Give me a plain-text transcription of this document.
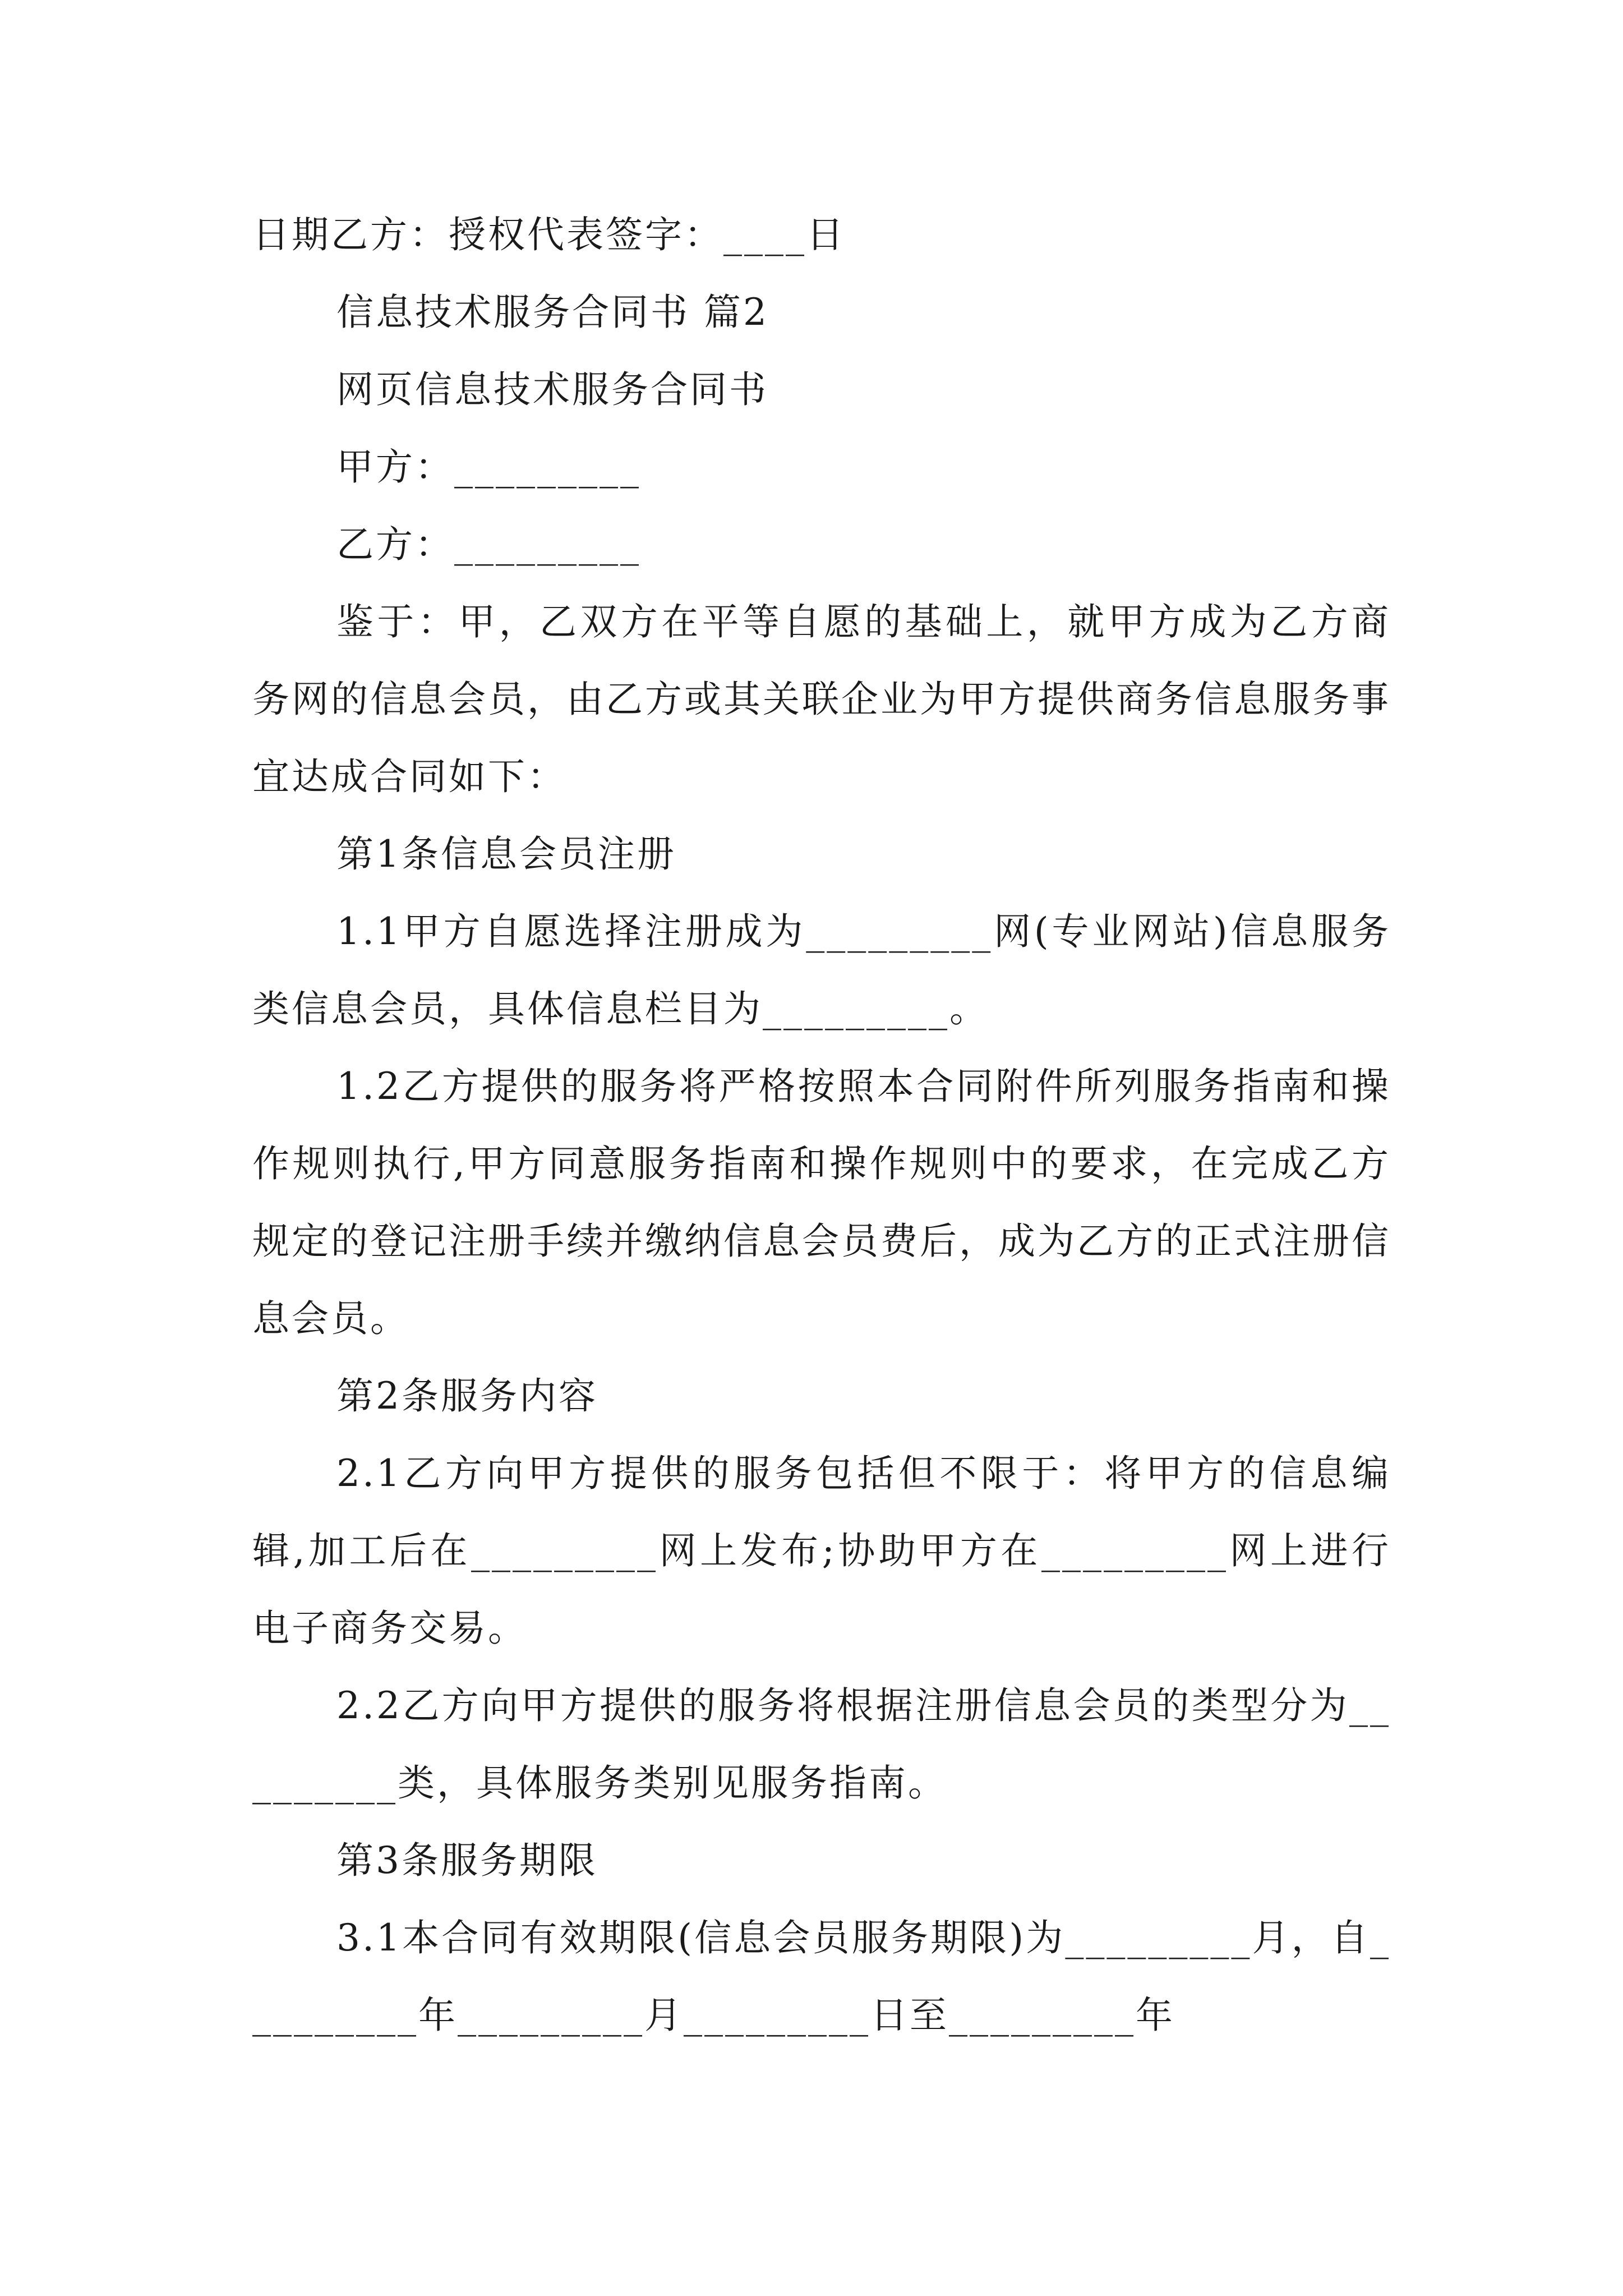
日期乙方：授权代表签字：____日

信息技术服务合同书 篇2

网页信息技术服务合同书

甲方：_________

乙方：_________

鉴于：甲，乙双方在平等自愿的基础上，就甲方成为乙方商务网的信息会员，由乙方或其关联企业为甲方提供商务信息服务事宜达成合同如下：

第1条信息会员注册

1.1甲方自愿选择注册成为_________网(专业网站)信息服务类信息会员，具体信息栏目为_________。

1.2乙方提供的服务将严格按照本合同附件所列服务指南和操作规则执行,甲方同意服务指南和操作规则中的要求，在完成乙方规定的登记注册手续并缴纳信息会员费后，成为乙方的正式注册信息会员。

第2条服务内容

2.1乙方向甲方提供的服务包括但不限于：将甲方的信息编辑,加工后在_________网上发布;协助甲方在_________网上进行电子商务交易。

2.2乙方向甲方提供的服务将根据注册信息会员的类型分为_________类，具体服务类别见服务指南。

第3条服务期限

3.1本合同有效期限(信息会员服务期限)为_________月，自_________年_________月_________日至_________年
